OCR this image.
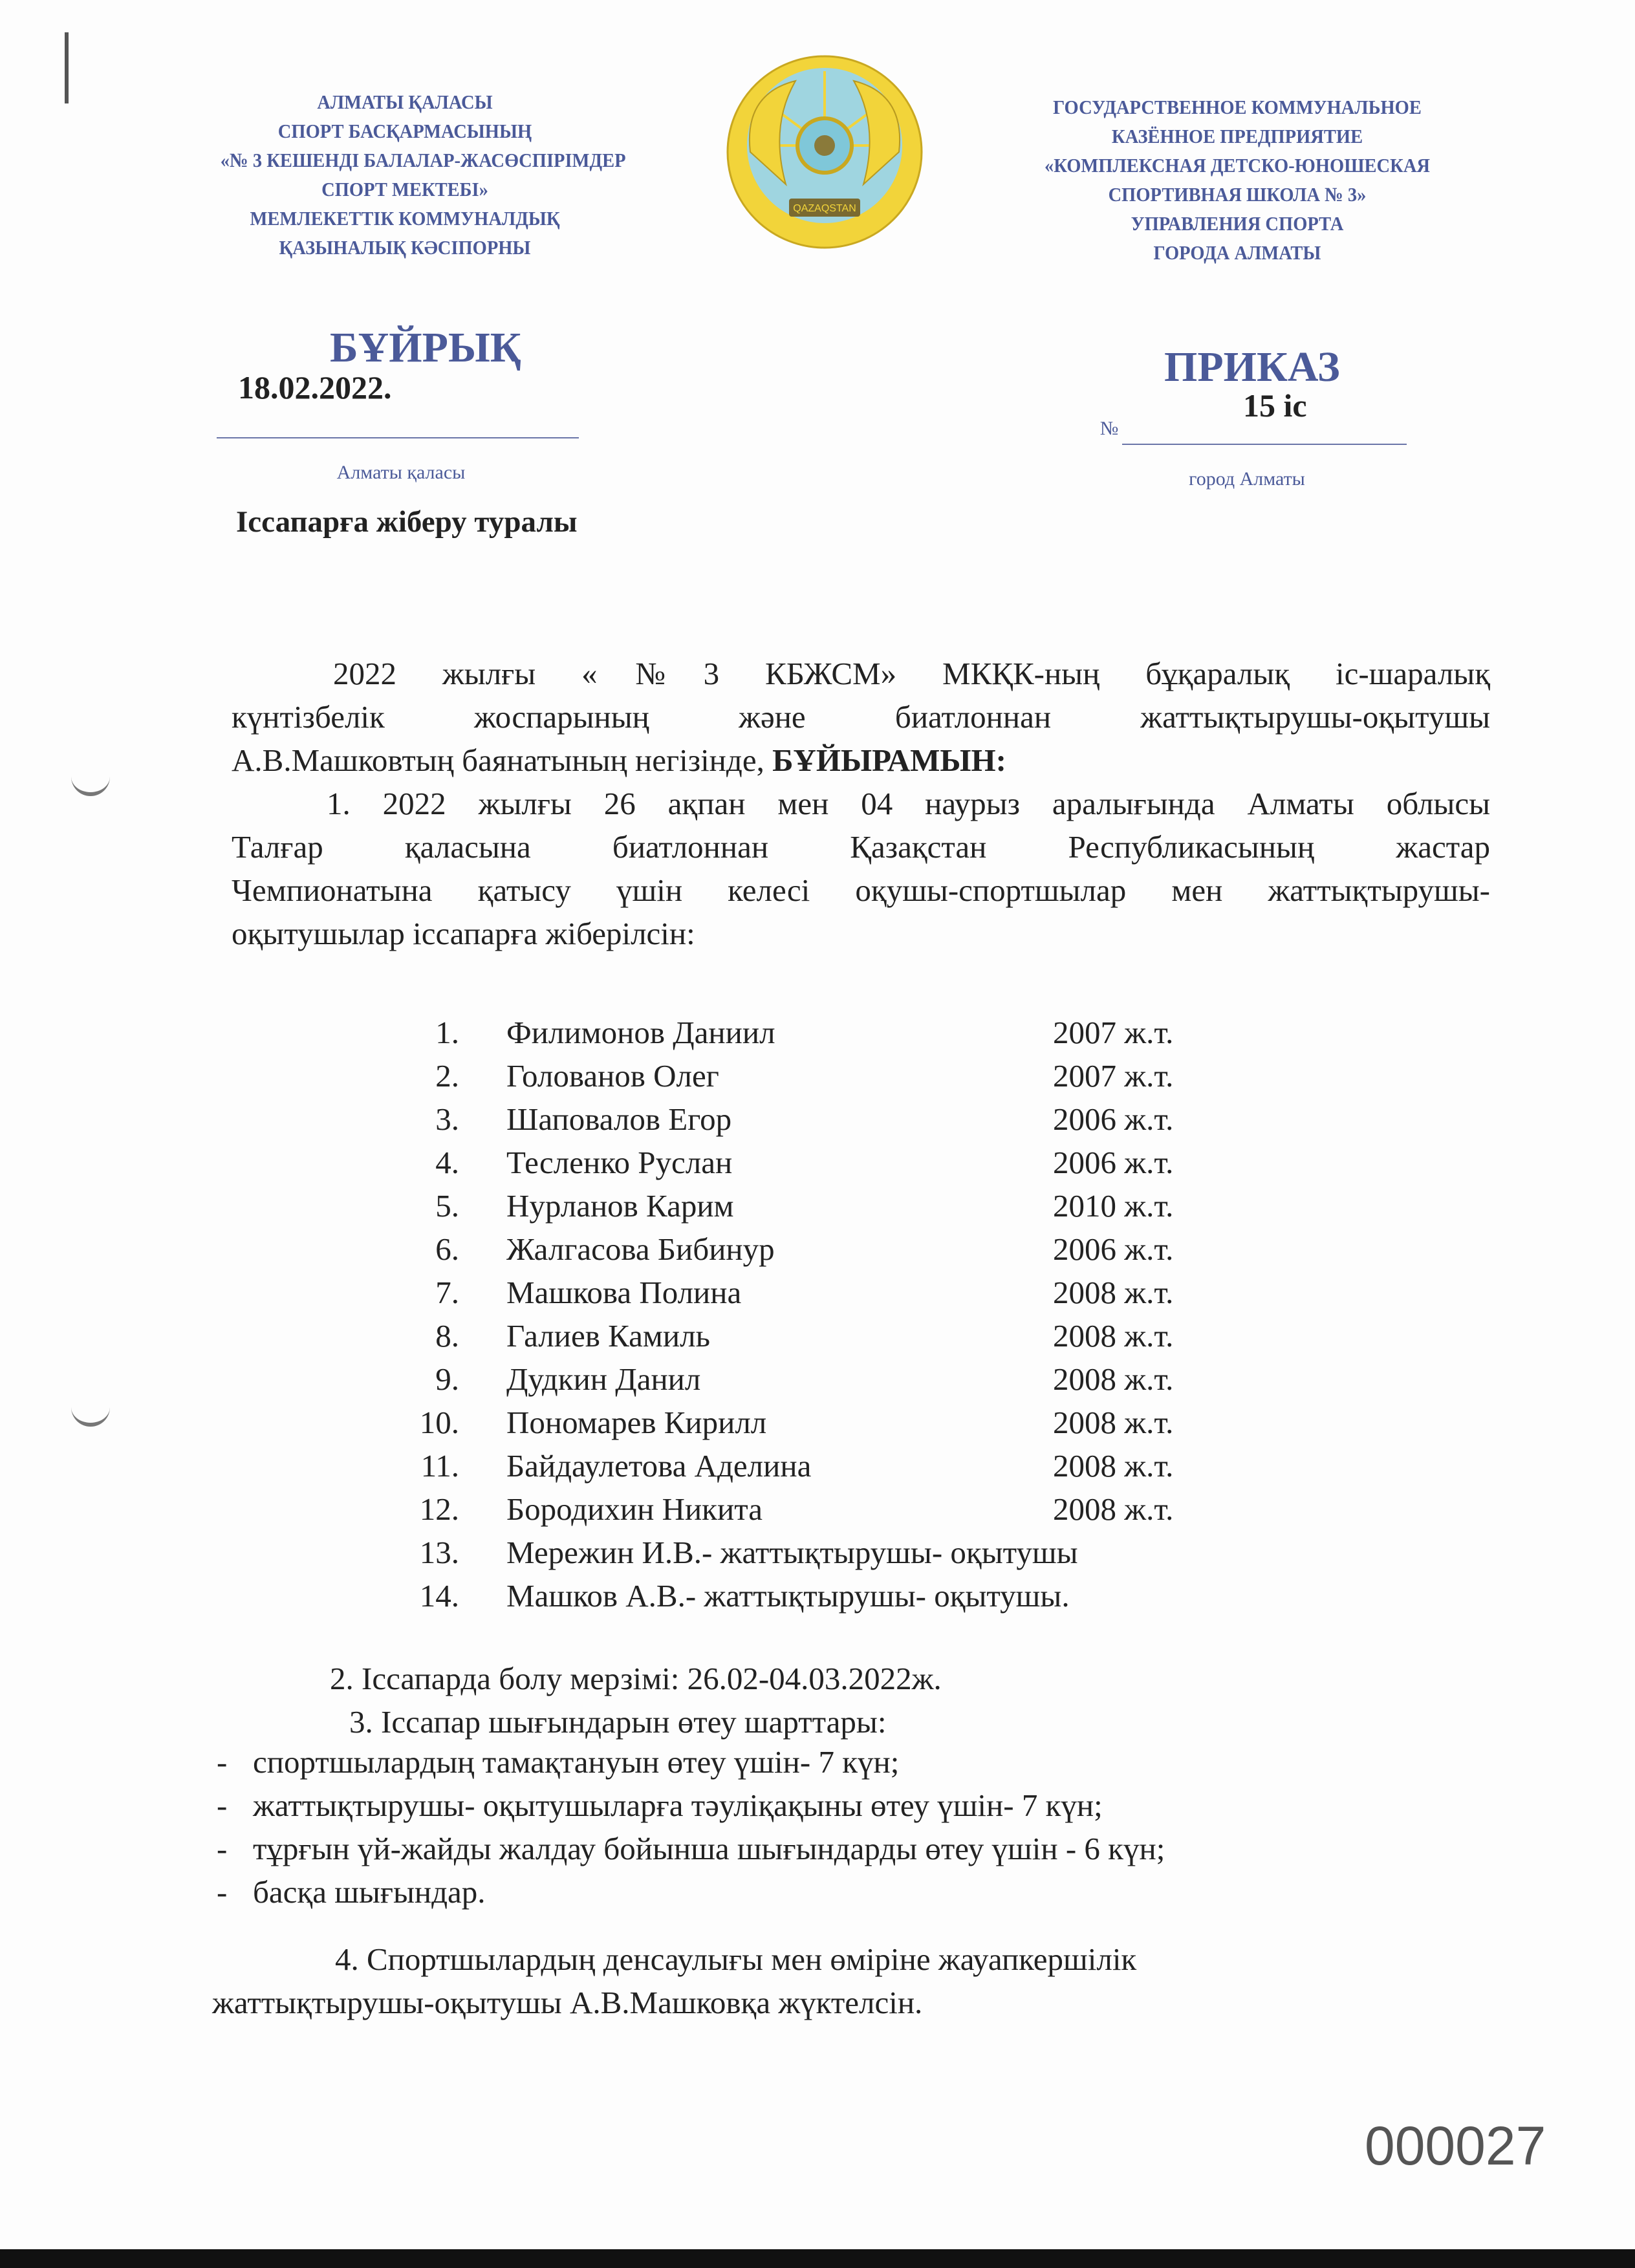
АЛМАТЫ ҚАЛАСЫ
СПОРТ БАСҚАРМАСЫНЫҢ
«№ 3 КЕШЕНДІ БАЛАЛАР-ЖАСӨСПІРІМДЕР
СПОРТ МЕКТЕБІ»
МЕМЛЕКЕТТІК КОММУНАЛДЫҚ
ҚАЗЫНАЛЫҚ КӘСІПОРНЫ
QAZAQSTAN
ГОСУДАРСТВЕННОЕ КОММУНАЛЬНОЕ
КАЗЁННОЕ ПРЕДПРИЯТИЕ
«КОМПЛЕКСНАЯ ДЕТСКО-ЮНОШЕСКАЯ
СПОРТИВНАЯ ШКОЛА № 3»
УПРАВЛЕНИЯ СПОРТА
ГОРОДА АЛМАТЫ
БҰЙРЫҚ
18.02.2022.	ПРИКАЗ
15 іс
№
Алматы қаласы	город Алматы
Іссапарға жіберу туралы
2022 жылғы «№3 КБЖСМ» МКҚК-ның бұқаралық іс-шаралық
күнтізбелік жоспарының және биатлоннан жаттықтырушы-оқытушы
А.В.Машковтың баянатының негізінде, БҰЙЫРАМЫН:
1. 2022 жылғы 26 ақпан мен 04 наурыз аралығында Алматы облысы
Талғар қаласына биатлоннан Қазақстан Республикасының жастар
Чемпионатына қатысу үшін келесі оқушы-спортшылар мен жаттықтырушы-
оқытушылар іссапарға жіберілсін:
1. Филимонов Даниил	2007 ж.т.
2. Голованов Олег	2007 ж.т.
3. Шаповалов Егор	2006 ж.т.
4. Тесленко Руслан	2006 ж.т.
5. Нурланов Карим	2010 ж.т.
6. Жалгасова Бибинур	2006 ж.т.
7. Машкова Полина	2008 ж.т.
8. Галиев Камиль	2008 ж.т.
9. Дудкин Данил	2008 ж.т.
10. Пономарев Кирилл	2008 ж.т.
11. Байдаулетова Аделина	2008 ж.т.
12. Бородихин Никита	2008 ж.т.
13. Мережин И.В.- жаттықтырушы- оқытушы
14. Машков А.В.- жаттықтырушы- оқытушы.
2. Іссапарда болу мерзімі: 26.02-04.03.2022ж.
3. Іссапар шығындарын өтеу шарттары:
- спортшылардың тамақтануын өтеу үшін- 7 күн;
- жаттықтырушы- оқытушыларға тәуліқақыны өтеу үшін- 7 күн;
- тұрғын үй-жайды жалдау бойынша шығындарды өтеу үшін - 6 күн;
- басқа шығындар.
4. Спортшылардың денсаулығы мен өміріне жауапкершілік
жаттықтырушы-оқытушы А.В.Машковқа жүктелсін.
000027
